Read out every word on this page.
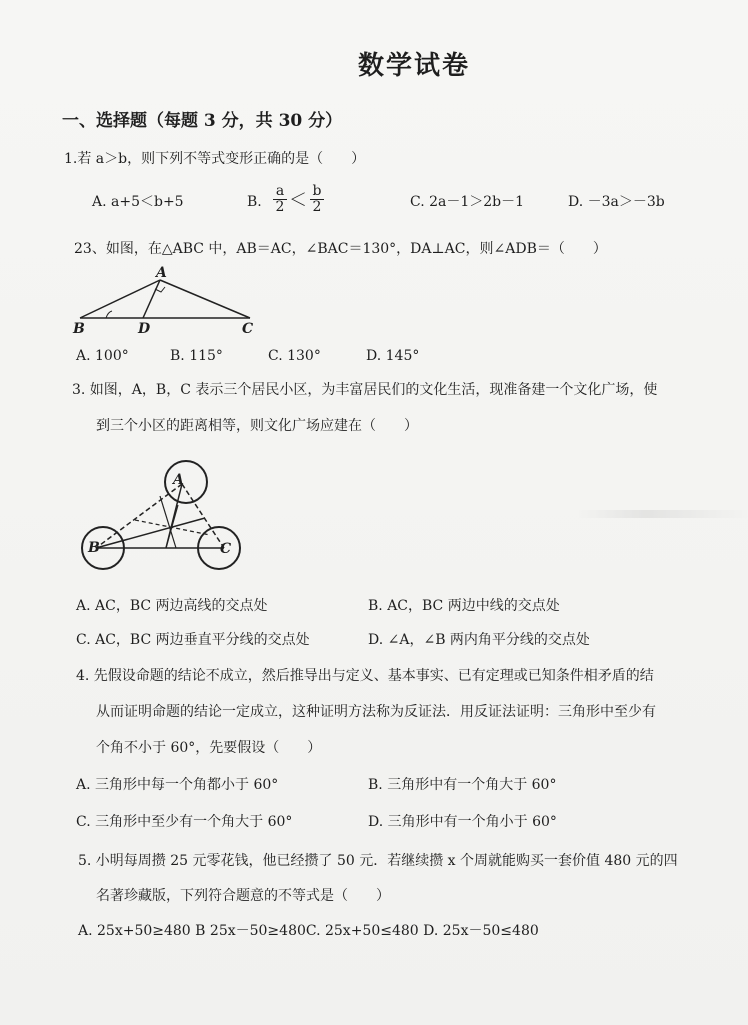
数学试卷
一、选择题（每题 3 分，共 30 分）
1.若 a＞b，则下列不等式变形正确的是（　　）
A. a+5＜b+5	B.
a
2 ＜ b
2	C. 2a－1＞2b－1	D. －3a＞－3b
23、如图，在△ABC 中，AB＝AC，∠BAC＝130°，DA⊥AC，则∠ADB＝（　　）
A
B	D	C
A. 100°	B. 115°	C. 130°	D. 145°
3. 如图，A，B，C 表示三个居民小区，为丰富居民们的文化生活，现准备建一个文化广场，使
到三个小区的距离相等，则文化广场应建在（　　）
A
B	C
A. AC，BC 两边高线的交点处	B. AC，BC 两边中线的交点处
C. AC，BC 两边垂直平分线的交点处	D. ∠A，∠B 两内角平分线的交点处
4. 先假设命题的结论不成立，然后推导出与定义、基本事实、已有定理或已知条件相矛盾的结
从而证明命题的结论一定成立，这种证明方法称为反证法．用反证法证明：三角形中至少有
个角不小于 60°，先要假设（　　）
A. 三角形中每一个角都小于 60°	B. 三角形中有一个角大于 60°
C. 三角形中至少有一个角大于 60°	D. 三角形中有一个角小于 60°
5. 小明每周攒 25 元零花钱，他已经攒了 50 元．若继续攒 x 个周就能购买一套价值 480 元的四
名著珍藏版，下列符合题意的不等式是（　　）
A. 25x+50≥480 B 25x－50≥480C. 25x+50≤480 D. 25x－50≤480
